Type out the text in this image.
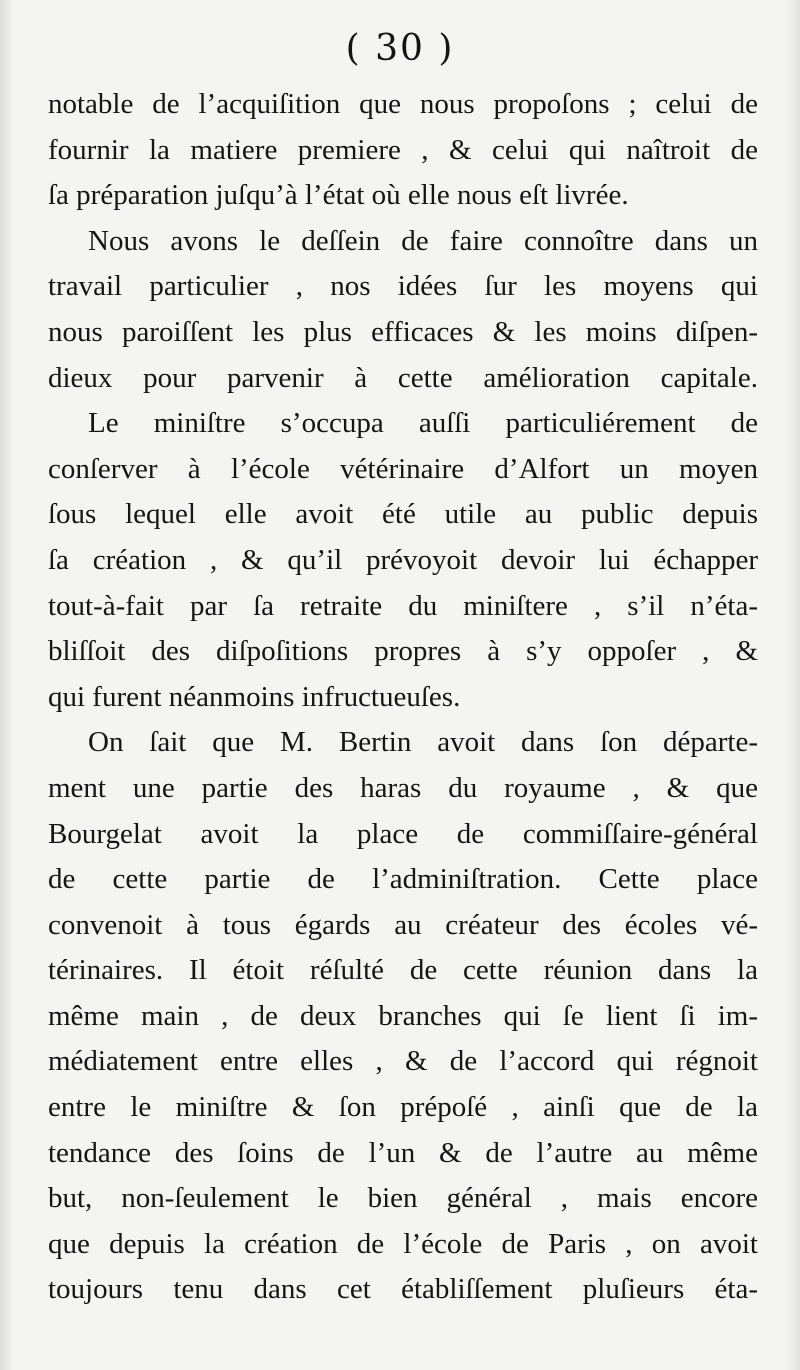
( 30 )
notable de l’acquiſition que nous propoſons ; celui de
fournir la matiere premiere , & celui qui naîtroit de
ſa préparation juſqu’à l’état où elle nous eſt livrée.
Nous avons le deſſein de faire connoître dans un
travail particulier , nos idées ſur les moyens qui
nous paroiſſent les plus efficaces & les moins diſpen-
dieux pour parvenir à cette amélioration capitale.
Le miniſtre s’occupa auſſi particuliérement de
conſerver à l’école vétérinaire d’Alfort un moyen
ſous lequel elle avoit été utile au public depuis
ſa création , & qu’il prévoyoit devoir lui échapper
tout-à-fait par ſa retraite du miniſtere , s’il n’éta-
bliſſoit des diſpoſitions propres à s’y oppoſer , &
qui furent néanmoins infructueuſes.
On ſait que M. Bertin avoit dans ſon départe-
ment une partie des haras du royaume , & que
Bourgelat avoit la place de commiſſaire-général
de cette partie de l’adminiſtration. Cette place
convenoit à tous égards au créateur des écoles vé-
térinaires. Il étoit réſulté de cette réunion dans la
même main , de deux branches qui ſe lient ſi im-
médiatement entre elles , & de l’accord qui régnoit
entre le miniſtre & ſon prépoſé , ainſi que de la
tendance des ſoins de l’un & de l’autre au même
but, non-ſeulement le bien général , mais encore
que depuis la création de l’école de Paris , on avoit
toujours tenu dans cet établiſſement pluſieurs éta-
